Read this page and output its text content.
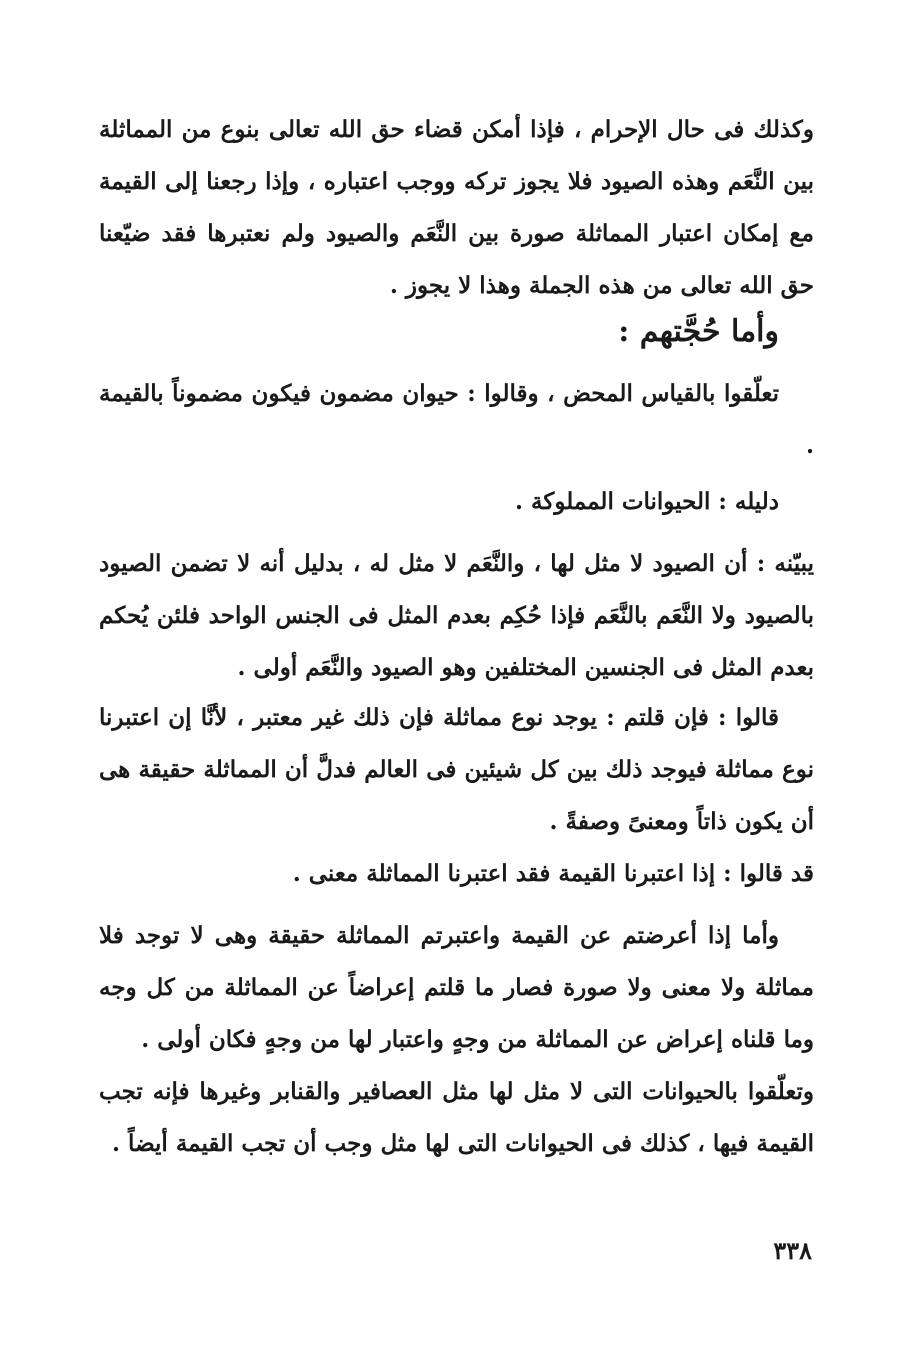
وكذلك فى حال الإحرام ، فإذا أمكن قضاء حق الله تعالى بنوع من المماثلة بين النَّعَم وهذه الصيود فلا يجوز تركه ووجب اعتباره ، وإذا رجعنا إلى القيمة مع إمكان اعتبار المماثلة صورة بين النَّعَم والصيود ولم نعتبرها فقد ضيّعنا حق الله تعالى من هذه الجملة وهذا لا يجوز .
وأما حُجَّتهم :
تعلّقوا بالقياس المحض ، وقالوا : حيوان مضمون فيكون مضموناً بالقيمة .
دليله : الحيوانات المملوكة .
يبيّنه : أن الصيود لا مثل لها ، والنَّعَم لا مثل له ، بدليل أنه لا تضمن الصيود بالصيود ولا النَّعَم بالنَّعَم فإذا حُكِم بعدم المثل فى الجنس الواحد فلئن يُحكم بعدم المثل فى الجنسين المختلفين وهو الصيود والنَّعَم أولى .
قالوا : فإن قلتم : يوجد نوع مماثلة فإن ذلك غير معتبر ، لأنَّا إن اعتبرنا نوع مماثلة فيوجد ذلك بين كل شيئين فى العالم فدلَّ أن المماثلة حقيقة هى أن يكون ذاتاً ومعنىً وصفةً .
قد قالوا : إذا اعتبرنا القيمة فقد اعتبرنا المماثلة معنى .
وأما إذا أعرضتم عن القيمة واعتبرتم المماثلة حقيقة وهى لا توجد فلا مماثلة ولا معنى ولا صورة فصار ما قلتم إعراضاً عن المماثلة من كل وجه وما قلناه إعراض عن المماثلة من وجهٍ واعتبار لها من وجهٍ فكان أولى .
وتعلّقوا بالحيوانات التى لا مثل لها مثل العصافير والقنابر وغيرها فإنه تجب القيمة فيها ، كذلك فى الحيوانات التى لها مثل وجب أن تجب القيمة أيضاً .
٣٣٨
